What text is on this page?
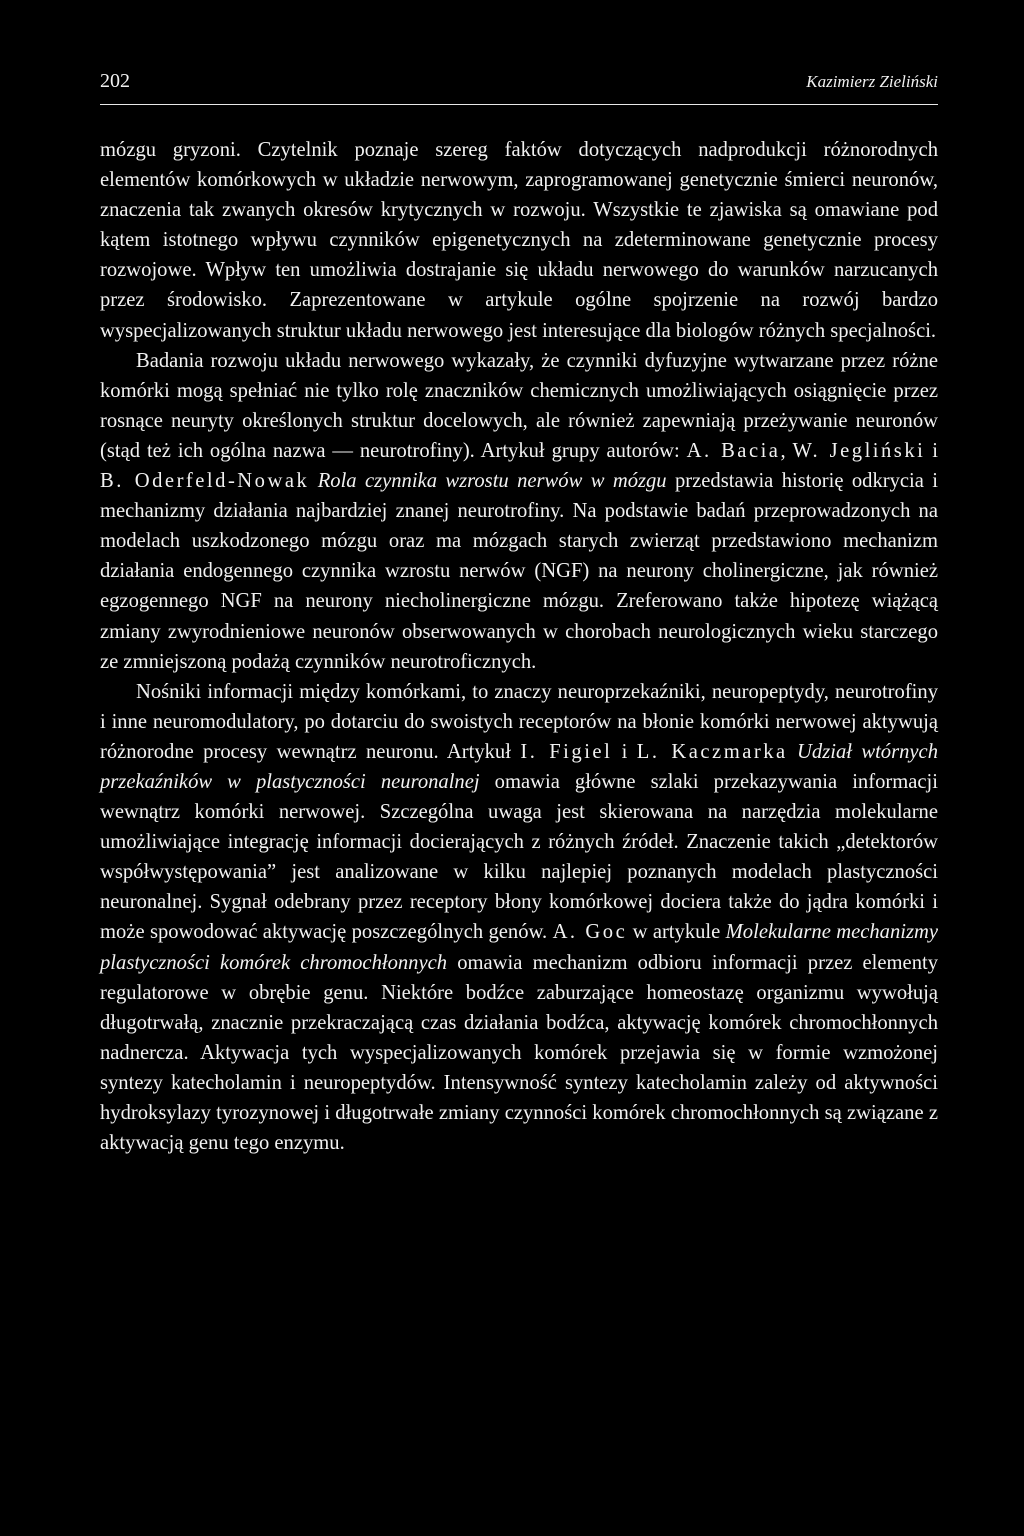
202	Kazimierz Zieliński

mózgu gryzoni. Czytelnik poznaje szereg faktów dotyczących nadprodukcji różnorodnych elementów komórkowych w układzie nerwowym, zaprogramowanej genetycznie śmierci neuronów, znaczenia tak zwanych okresów krytycznych w rozwoju. Wszystkie te zjawiska są omawiane pod kątem istotnego wpływu czynników epigenetycznych na zdeterminowane genetycznie procesy rozwojowe. Wpływ ten umożliwia dostrajanie się układu nerwowego do warunków narzucanych przez środowisko. Zaprezentowane w artykule ogólne spojrzenie na rozwój bardzo wyspecjalizowanych struktur układu nerwowego jest interesujące dla biologów różnych specjalności.

Badania rozwoju układu nerwowego wykazały, że czynniki dyfuzyjne wytwarzane przez różne komórki mogą spełniać nie tylko rolę znaczników chemicznych umożliwiających osiągnięcie przez rosnące neuryty określonych struktur docelowych, ale również zapewniają przeżywanie neuronów (stąd też ich ogólna nazwa — neurotrofiny). Artykuł grupy autorów: A. Bacia, W. Jegliński i B. Oderfeld-Nowak Rola czynnika wzrostu nerwów w mózgu przedstawia historię odkrycia i mechanizmy działania najbardziej znanej neurotrofiny. Na podstawie badań przeprowadzonych na modelach uszkodzonego mózgu oraz ma mózgach starych zwierząt przedstawiono mechanizm działania endogennego czynnika wzrostu nerwów (NGF) na neurony cholinergiczne, jak również egzogennego NGF na neurony niecholinergiczne mózgu. Zreferowano także hipotezę wiążącą zmiany zwyrodnieniowe neuronów obserwowanych w chorobach neurologicznych wieku starczego ze zmniejszoną podażą czynników neurotroficznych.

Nośniki informacji między komórkami, to znaczy neuroprzekaźniki, neuropeptydy, neurotrofiny i inne neuromodulatory, po dotarciu do swoistych receptorów na błonie komórki nerwowej aktywują różnorodne procesy wewnątrz neuronu. Artykuł I. Figiel i L. Kaczmarka Udział wtórnych przekaźników w plastyczności neuronalnej omawia główne szlaki przekazywania informacji wewnątrz komórki nerwowej. Szczególna uwaga jest skierowana na narzędzia molekularne umożliwiające integrację informacji docierających z różnych źródeł. Znaczenie takich „detektorów współwystępowania” jest analizowane w kilku najlepiej poznanych modelach plastyczności neuronalnej. Sygnał odebrany przez receptory błony komórkowej dociera także do jądra komórki i może spowodować aktywację poszczególnych genów. A. Goc w artykule Molekularne mechanizmy plastyczności komórek chromochłonnych omawia mechanizm odbioru informacji przez elementy regulatorowe w obrębie genu. Niektóre bodźce zaburzające homeostazę organizmu wywołują długotrwałą, znacznie przekraczającą czas działania bodźca, aktywację komórek chromochłonnych nadnercza. Aktywacja tych wyspecjalizowanych komórek przejawia się w formie wzmożonej syntezy katecholamin i neuropeptydów. Intensywność syntezy katecholamin zależy od aktywności hydroksylazy tyrozynowej i długotrwałe zmiany czynności komórek chromochłonnych są związane z aktywacją genu tego enzymu.
